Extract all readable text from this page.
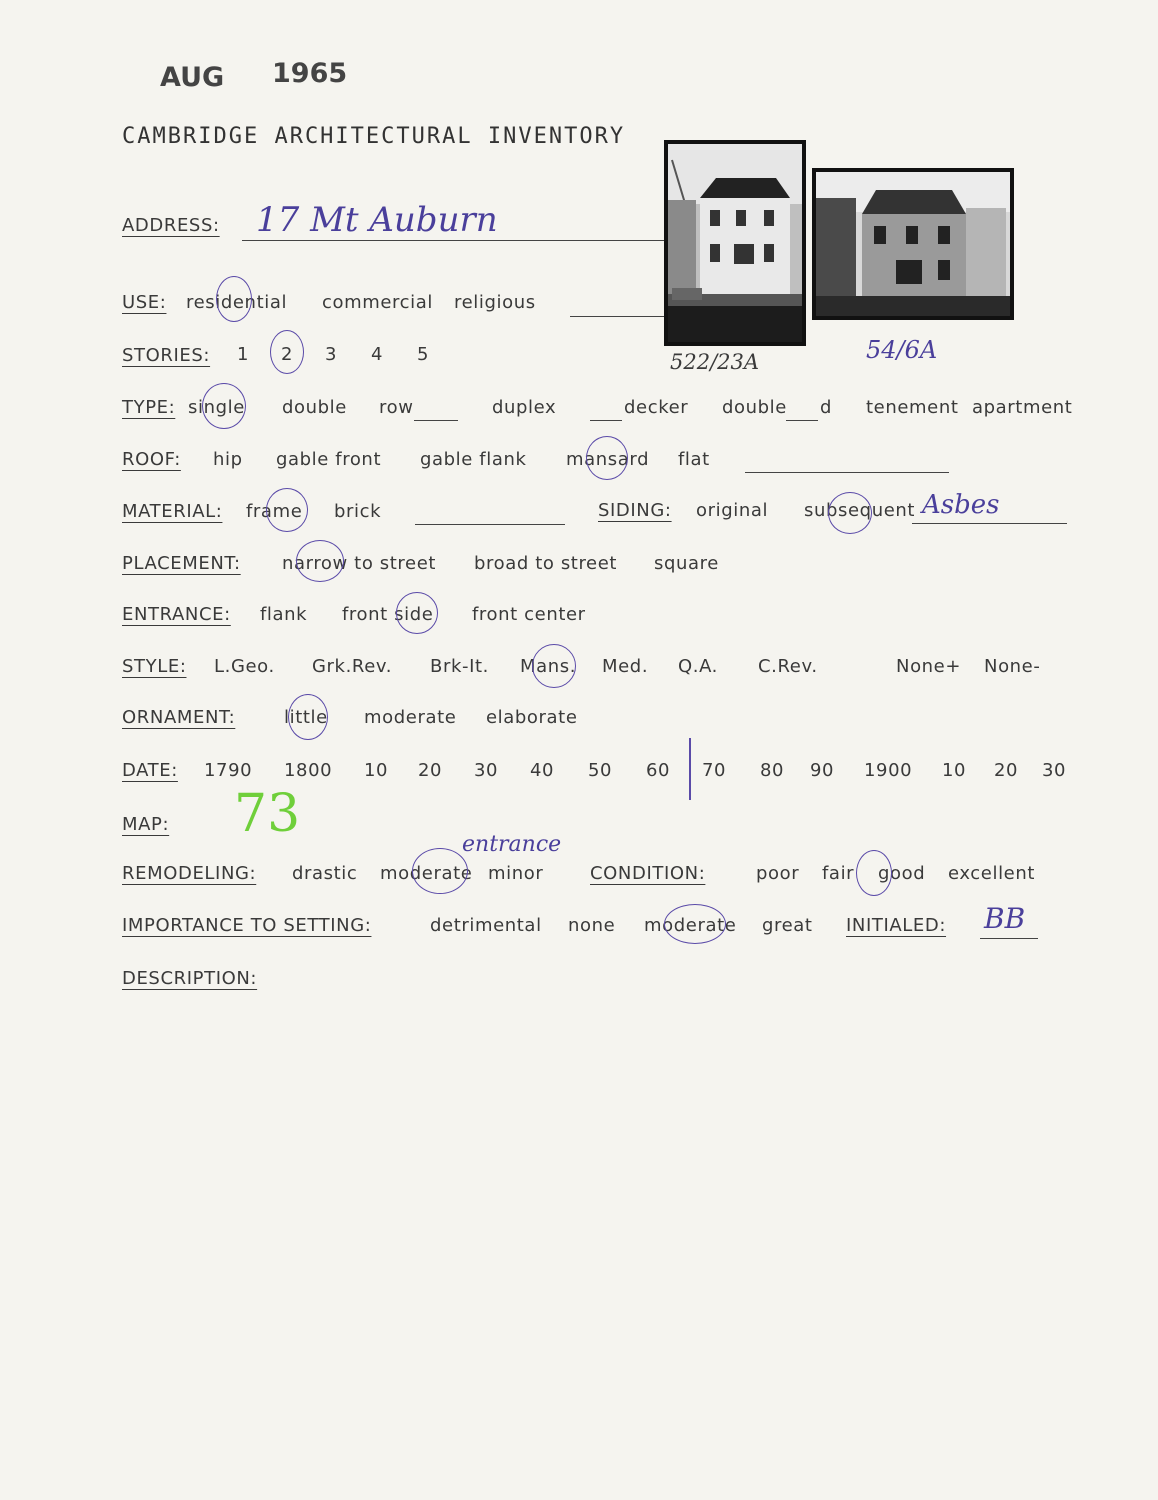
AUG 1965
CAMBRIDGE ARCHITECTURAL INVENTORY
522/23A	54/6A
ADDRESS: 17 Mt Auburn
USE: residential commercial religious
STORIES: 1 2 3 4 5
TYPE: single double row	duplex	decker double d tenement apartment
ROOF: hip gable front gable flank mansard flat
MATERIAL: frame brick	SIDING: original subsequent Asbes
PLACEMENT: narrow to street broad to street square
ENTRANCE: flank front side front center
STYLE: L.Geo. Grk.Rev. Brk-It. Mans. Med. Q.A. C.Rev.	None+ None-
ORNAMENT:	little moderate elaborate
DATE: 1790 1800 10 20 30 40 50 60 70 80 90 1900 10 20 30
MAP: 73
REMODELING: drastic moderate minor
entrance
CONDITION:	poor fair good excellent
IMPORTANCE TO SETTING:	detrimental none moderate great INITIALED: BB
DESCRIPTION:
